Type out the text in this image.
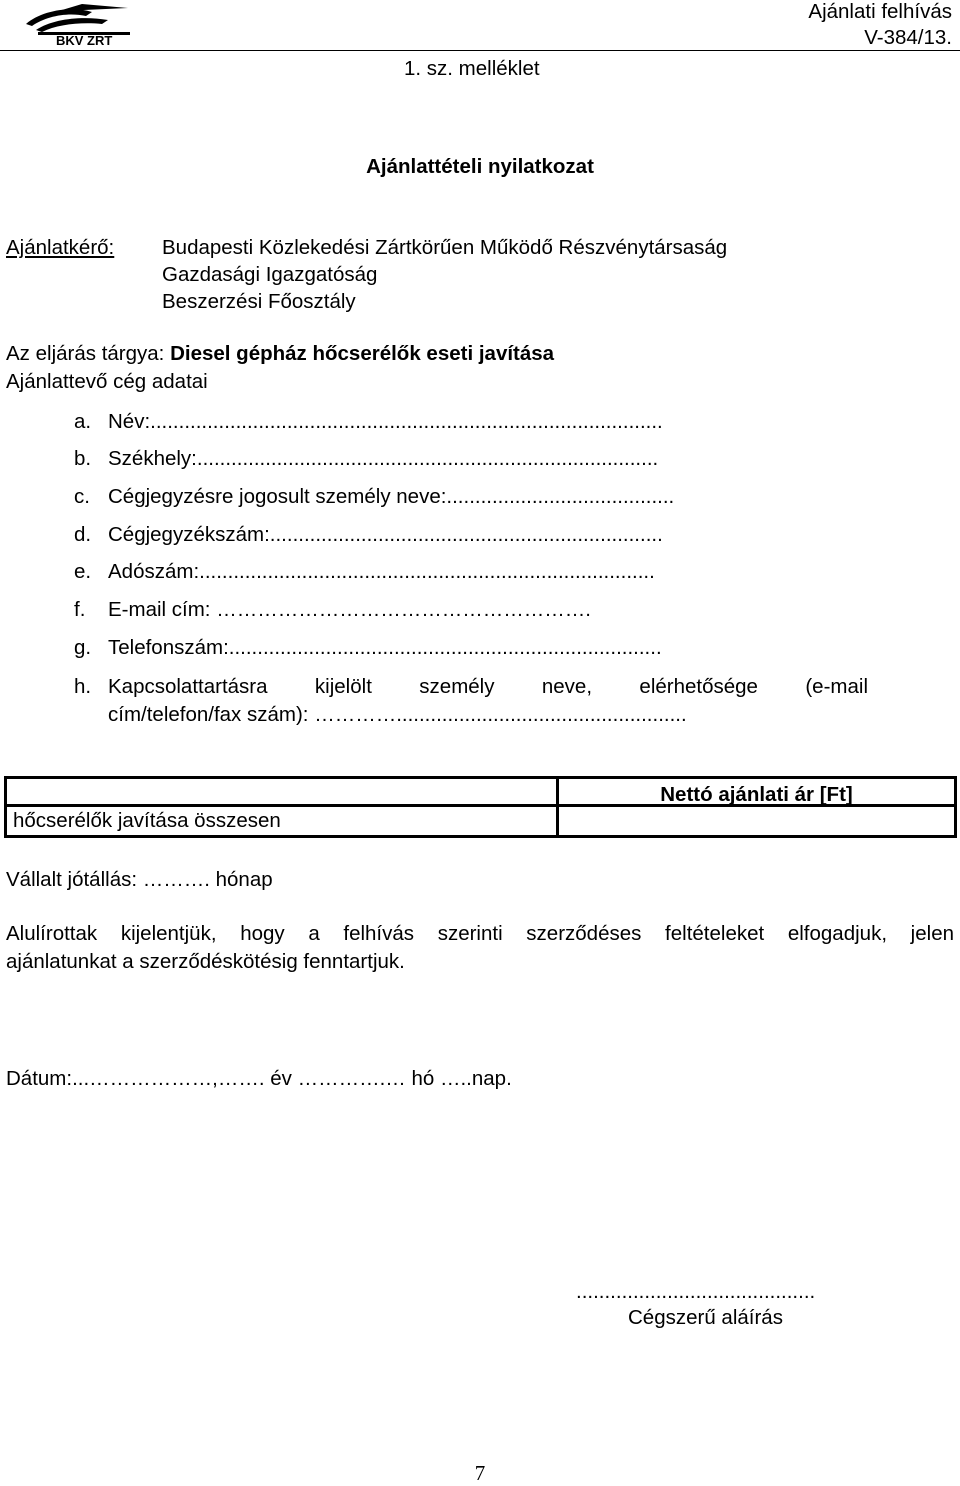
BKV ZRT
Ajánlati felhívás
V-384/13.
1. sz. melléklet
Ajánlattételi nyilatkozat
Ajánlatkérő: Budapesti Közlekedési Zártkörűen Működő Részvénytársaság
Gazdasági Igazgatóság
Beszerzési Főosztály
Az eljárás tárgya: Diesel gépház hőcserélők eseti javítása
Ajánlattevő cég adatai
a. Név:..........................................................................................
b. Székhely:.................................................................................
c. Cégjegyzésre jogosult személy neve:........................................
d. Cégjegyzékszám:.....................................................................
e. Adószám:................................................................................
f. E-mail cím: ……………………………………………….
g. Telefonszám:............................................................................
h. Kapcsolattartásra kijelölt személy neve, elérhetősége (e-mail
cím/telefon/fax szám): …………...................................................
Nettó ajánlati ár [Ft]
hőcserélők javítása összesen
Vállalt jótállás: ………. hónap
Alulírottak kijelentjük, hogy a felhívás szerinti szerződéses feltételeket elfogadjuk, jelen
ajánlatunkat a szerződéskötésig fenntartjuk.
Dátum:...………………,……. év ………….… hó …..nap.
..........................................
Cégszerű aláírás
7
